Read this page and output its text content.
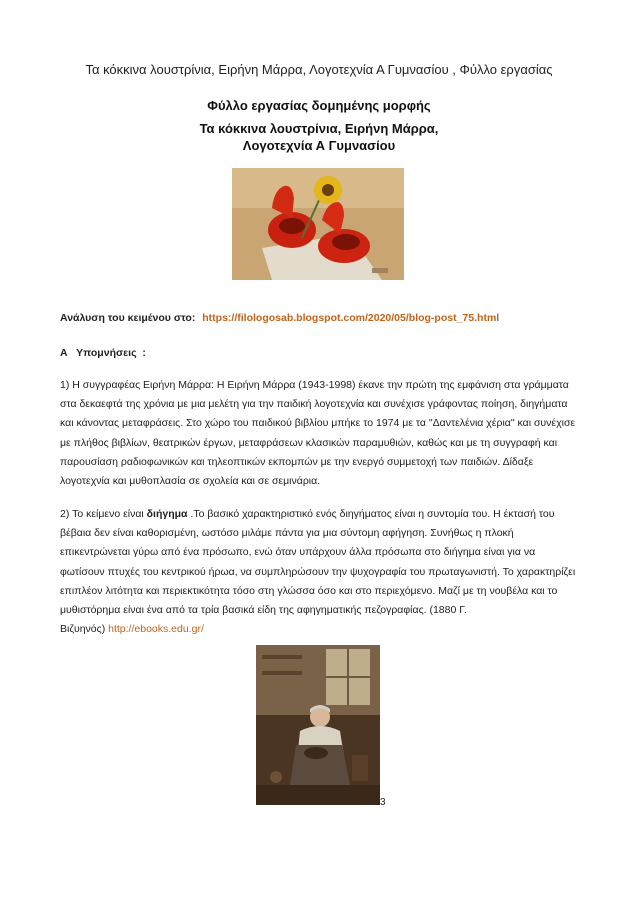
Τα κόκκινα λουστρίνια, Ειρήνη Μάρρα, Λογοτεχνία Α Γυμνασίου , Φύλλο εργασίας
Φύλλο εργασίας δομημένης μορφής
Τα κόκκινα λουστρίνια, Ειρήνη Μάρρα,
Λογοτεχνία Α Γυμνασίου
Ανάλυση του κειμένου στο: https://filologosab.blogspot.com/2020/05/blog-post_75.html
Α   Υπομνήσεις  :
1) Η συγγραφέας Ειρήνη Μάρρα: Η Ειρήνη Μάρρα (1943-1998) έκανε την πρώτη της εμφάνιση στα γράμματα
στα δεκαεφτά της χρόνια με μια μελέτη για την παιδική λογοτεχνία και συνέχισε γράφοντας ποίηση, διηγήματα
και κάνοντας μεταφράσεις. Στο χώρο του παιδικού βιβλίου μπήκε το 1974 με τα "Δαντελένια χέρια" και συνέχισε
με πλήθος βιβλίων, θεατρικών έργων, μεταφράσεων κλασικών παραμυθιών, καθώς και με τη συγγραφή και
παρουσίαση ραδιοφωνικών και τηλεοπτικών εκπομπών με την ενεργό συμμετοχή των παιδιών. Δίδαξε
λογοτεχνία και μυθοπλασία σε σχολεία και σε σεμινάρια.
2) Το κείμενο είναι διήγημα .Το βασικό χαρακτηριστικό ενός διηγήματος είναι η συντομία του. Η έκτασή του
βέβαια δεν είναι καθορισμένη, ωστόσο μιλάμε πάντα για μια σύντομη αφήγηση. Συνήθως η πλοκή
επικεντρώνεται γύρω από ένα πρόσωπο, ενώ όταν υπάρχουν άλλα πρόσωπα στο διήγημα είναι για να
φωτίσουν πτυχές του κεντρικού ήρωα, να συμπληρώσουν την ψυχογραφία του πρωταγωνιστή. Το χαρακτηρίζει
επιπλέον λιτότητα και περιεκτικότητα τόσο στη γλώσσα όσο και στο περιεχόμενο. Μαζί με τη νουβέλα και το
μυθιστόρημα είναι ένα από τα τρία βασικά είδη της αφηγηματικής πεζογραφίας. (1880 Γ.
Βιζυηνός) http://ebooks.edu.gr/
3
